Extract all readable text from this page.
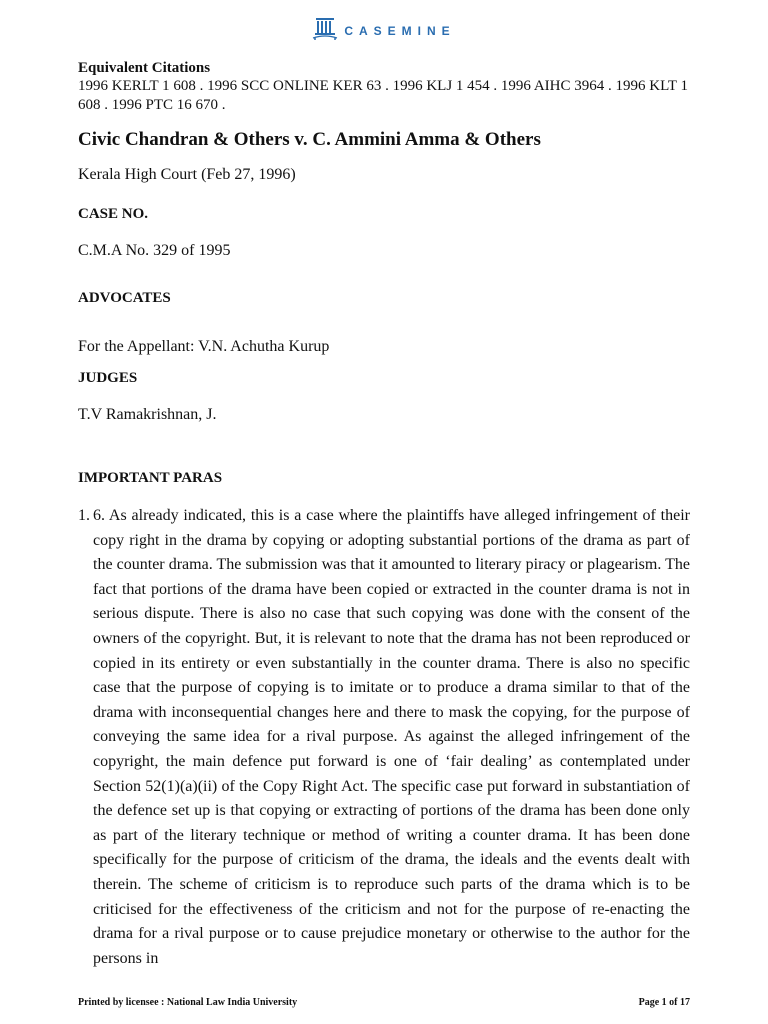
CASEMINE
Equivalent Citations
1996 KERLT 1 608 . 1996 SCC ONLINE KER 63 . 1996 KLJ 1 454 . 1996 AIHC 3964 . 1996 KLT 1 608 . 1996 PTC 16 670 .
Civic Chandran & Others v. C. Ammini Amma & Others
Kerala High Court (Feb 27, 1996)
CASE NO.
C.M.A No. 329 of 1995
ADVOCATES
For the Appellant: V.N. Achutha Kurup
JUDGES
T.V Ramakrishnan, J.
IMPORTANT PARAS
1. 6. As already indicated, this is a case where the plaintiffs have alleged infringement of their copy right in the drama by copying or adopting substantial portions of the drama as part of the counter drama. The submission was that it amounted to literary piracy or plagearism. The fact that portions of the drama have been copied or extracted in the counter drama is not in serious dispute. There is also no case that such copying was done with the consent of the owners of the copyright. But, it is relevant to note that the drama has not been reproduced or copied in its entirety or even substantially in the counter drama. There is also no specific case that the purpose of copying is to imitate or to produce a drama similar to that of the drama with inconsequential changes here and there to mask the copying, for the purpose of conveying the same idea for a rival purpose. As against the alleged infringement of the copyright, the main defence put forward is one of ‘fair dealing’ as contemplated under Section 52(1)(a)(ii) of the Copy Right Act. The specific case put forward in substantiation of the defence set up is that copying or extracting of portions of the drama has been done only as part of the literary technique or method of writing a counter drama. It has been done specifically for the purpose of criticism of the drama, the ideals and the events dealt with therein. The scheme of criticism is to reproduce such parts of the drama which is to be criticised for the effectiveness of the criticism and not for the purpose of re-enacting the drama for a rival purpose or to cause prejudice monetary or otherwise to the author for the persons in
Printed by licensee : National Law India University	Page 1 of 17
